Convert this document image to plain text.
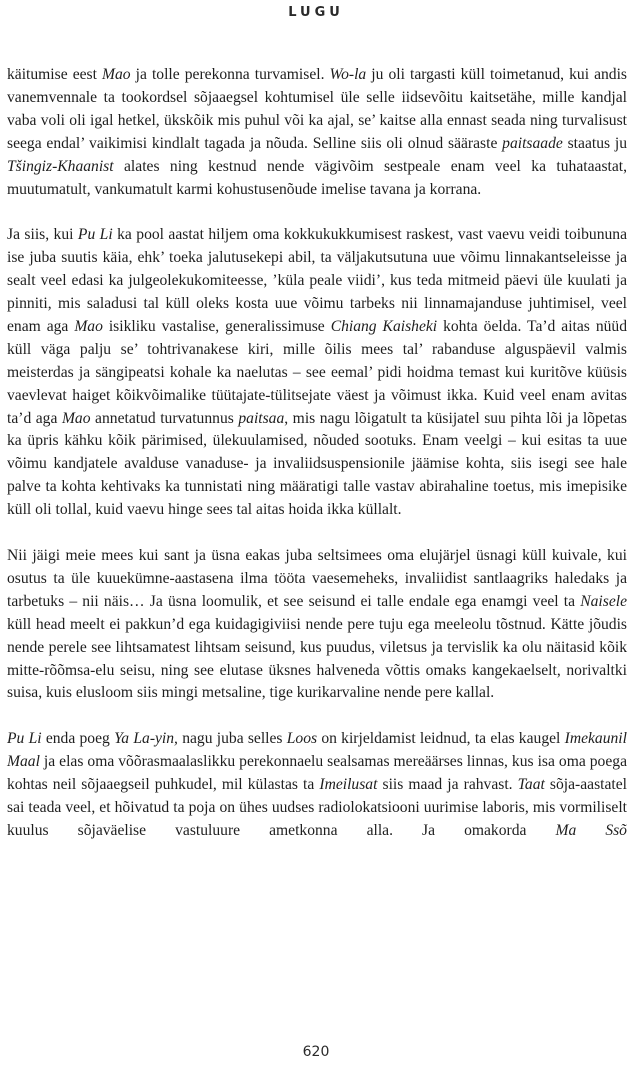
LUGU

käitumise eest Mao ja tolle perekonna turvamisel. Wo-la ju oli targasti küll toimetanud, kui andis vanemvennale ta tookordsel sõjaaegsel kohtumisel üle selle iidsevõitu kaitsetähe, mille kandjal vaba voli oli igal hetkel, ükskõik mis puhul või ka ajal, se’ kaitse alla ennast seada ning turvalisust seega endal’ vaikimisi kindlalt tagada ja nõuda. Selline siis oli olnud sääraste paitsaade staatus ju Tšingiz-Khaanist alates ning kestnud nende vägivõim sestpeale enam veel ka tuhataastat, muutumatult, vankumatult karmi kohustusenõude imelise tavana ja korrana.

Ja siis, kui Pu Li ka pool aastat hiljem oma kokkukukkumisest raskest, vast vaevu veidi toibununa ise juba suutis käia, ehk’ toeka jalutusekepi abil, ta väljakutsutuna uue võimu linnakantseleisse ja sealt veel edasi ka julgeolekukomiteesse, ’küla peale viidi’, kus teda mitmeid päevi üle kuulati ja pinniti, mis saladusi tal küll oleks kosta uue võimu tarbeks nii linnamajanduse juhtimisel, veel enam aga Mao isikliku vastalise, generalissimuse Chiang Kaisheki kohta öelda. Ta’d aitas nüüd küll väga palju se’ tohtrivanakese kiri, mille õilis mees tal’ rabanduse alguspäevil valmis meisterdas ja sängipeatsi kohale ka naelutas – see eemal’ pidi hoidma temast kui kuritõve küüsis vaevlevat haiget kõikvõimalike tüütajate-tülitsejate väest ja võimust ikka. Kuid veel enam avitas ta’d aga Mao annetatud turvatunnus paitsaa, mis nagu lõigatult ta küsijatel suu pihta lõi ja lõpetas ka üpris kähku kõik pärimised, ülekuulamised, nõuded sootuks. Enam veelgi – kui esitas ta uue võimu kandjatele avalduse vanaduse- ja invaliidsuspensionile jäämise kohta, siis isegi see hale palve ta kohta kehtivaks ka tunnistati ning määratigi talle vastav abirahaline toetus, mis imepisike küll oli tollal, kuid vaevu hinge sees tal aitas hoida ikka küllalt.

Nii jäigi meie mees kui sant ja üsna eakas juba seltsimees oma elujärjel üsnagi küll kuivale, kui osutus ta üle kuuekümne-aastasena ilma tööta vaesemeheks, invaliidist santlaagriks haledaks ja tarbetuks – nii näis… Ja üsna loomulik, et see seisund ei talle endale ega enamgi veel ta Naisele küll head meelt ei pakkun’d ega kuidagigiviisi nende pere tuju ega meeleolu tõstnud. Kätte jõudis nende perele see lihtsamatest lihtsam seisund, kus puudus, viletsus ja tervislik ka olu näitasid kõik mitte-rõõmsa-elu seisu, ning see elutase üksnes halveneda võttis omaks kangekaelselt, norivaltki suisa, kuis elusloom siis mingi metsaline, tige kurikarvaline nende pere kallal.

Pu Li enda poeg Ya La-yin, nagu juba selles Loos on kirjeldamist leidnud, ta elas kaugel Imekaunil Maal ja elas oma võõrasmaalaslikku perekonnaelu sealsamas mereäärses linnas, kus isa oma poega kohtas neil sõjaaegseil puhkudel, mil külastas ta Imeilusat siis maad ja rahvast. Taat sõja-aastatel sai teada veel, et hõivatud ta poja on ühes uudses radiolokatsiooni uurimise laboris, mis vormiliselt kuulus sõjaväelise vastuluure ametkonna alla. Ja omakorda Ma Ssõ

620
